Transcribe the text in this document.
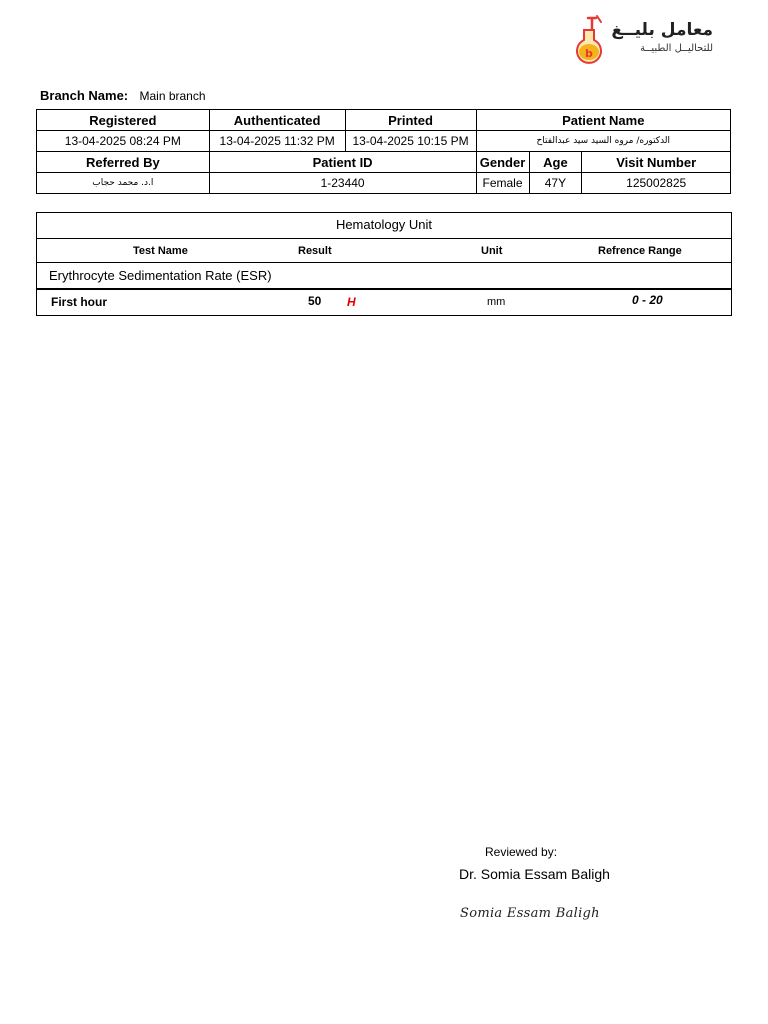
b
معامل بليــغ
للتحاليــل الطبيــة
Branch Name: Main branch
Registered	Authenticated	Printed	Patient Name		
13-04-2025 08:24 PM	13-04-2025 11:32 PM	13-04-2025 10:15 PM	الدكتوره/ مروه السيد سيد عبدالفتاح		
Referred By	Patient ID		Gender	Age	Visit Number
ا.د. محمد حجاب	1-23440		Female	47Y	125002825
Hematology Unit
Test Name	Result	Unit	Refrence Range
Erythrocyte Sedimentation Rate (ESR)
First hour	50 H	mm	0 - 20
Reviewed by:
Dr. Somia Essam Baligh
Somia Essam Baligh
